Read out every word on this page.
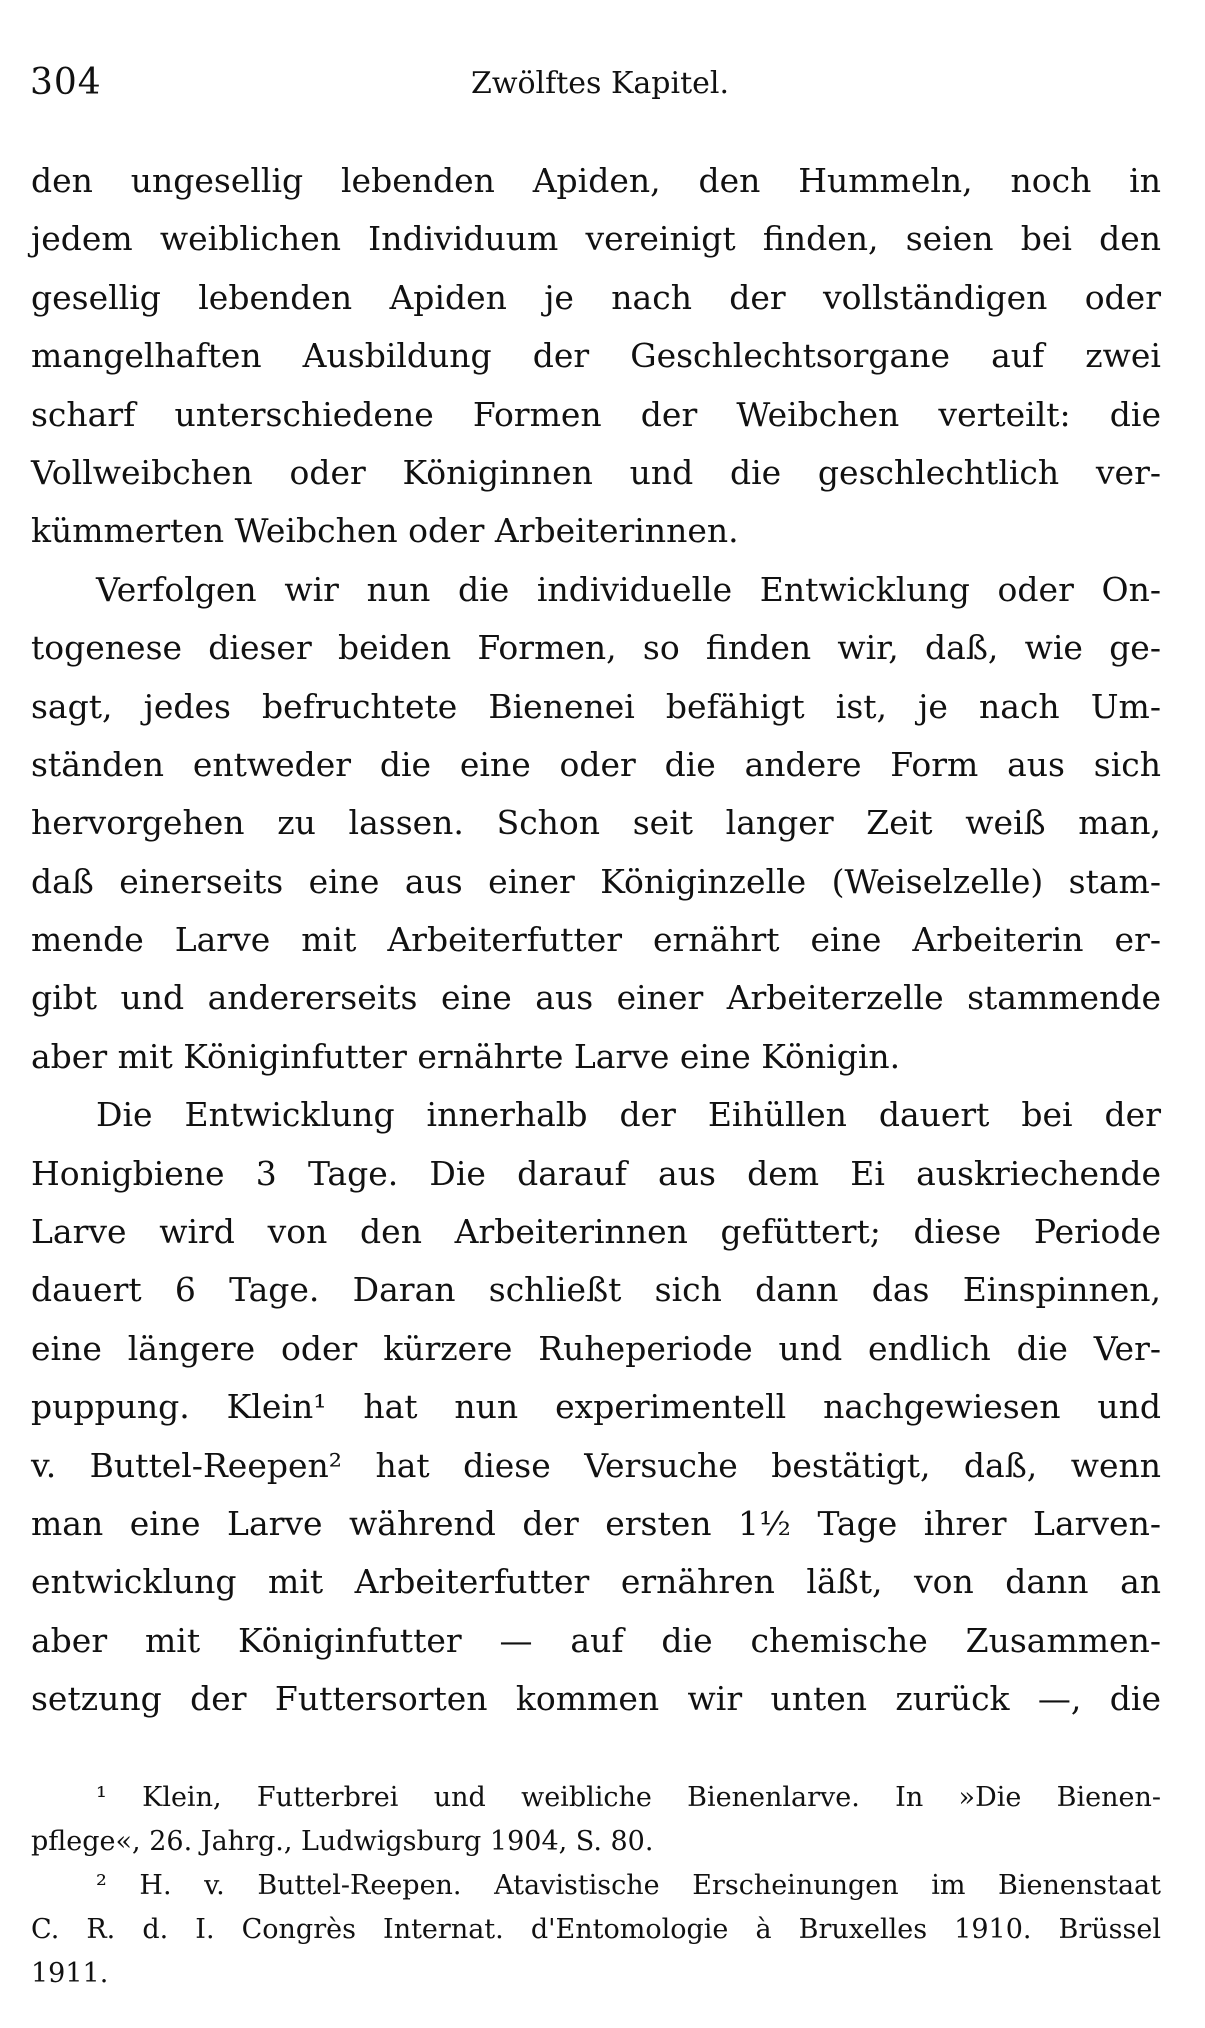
304	Zwölftes Kapitel.
den ungesellig lebenden Apiden, den Hummeln, noch in
jedem weiblichen Individuum vereinigt finden, seien bei den
gesellig lebenden Apiden je nach der vollständigen oder
mangelhaften Ausbildung der Geschlechtsorgane auf zwei
scharf unterschiedene Formen der Weibchen verteilt: die
Vollweibchen oder Königinnen und die geschlechtlich ver-
kümmerten Weibchen oder Arbeiterinnen.
Verfolgen wir nun die individuelle Entwicklung oder On-
togenese dieser beiden Formen, so finden wir, daß, wie ge-
sagt, jedes befruchtete Bienenei befähigt ist, je nach Um-
ständen entweder die eine oder die andere Form aus sich
hervorgehen zu lassen. Schon seit langer Zeit weiß man,
daß einerseits eine aus einer Königinzelle (Weiselzelle) stam-
mende Larve mit Arbeiterfutter ernährt eine Arbeiterin er-
gibt und andererseits eine aus einer Arbeiterzelle stammende
aber mit Königinfutter ernährte Larve eine Königin.
Die Entwicklung innerhalb der Eihüllen dauert bei der
Honigbiene 3 Tage. Die darauf aus dem Ei auskriechende
Larve wird von den Arbeiterinnen gefüttert; diese Periode
dauert 6 Tage. Daran schließt sich dann das Einspinnen,
eine längere oder kürzere Ruheperiode und endlich die Ver-
puppung. Klein¹ hat nun experimentell nachgewiesen und
v. Buttel-Reepen² hat diese Versuche bestätigt, daß, wenn
man eine Larve während der ersten 1½ Tage ihrer Larven-
entwicklung mit Arbeiterfutter ernähren läßt, von dann an
aber mit Königinfutter — auf die chemische Zusammen-
setzung der Futtersorten kommen wir unten zurück —, die
¹ Klein, Futterbrei und weibliche Bienenlarve. In »Die Bienen-
pflege«, 26. Jahrg., Ludwigsburg 1904, S. 80.
² H. v. Buttel-Reepen. Atavistische Erscheinungen im Bienenstaat
C. R. d. I. Congrès Internat. d'Entomologie à Bruxelles 1910. Brüssel
1911.
